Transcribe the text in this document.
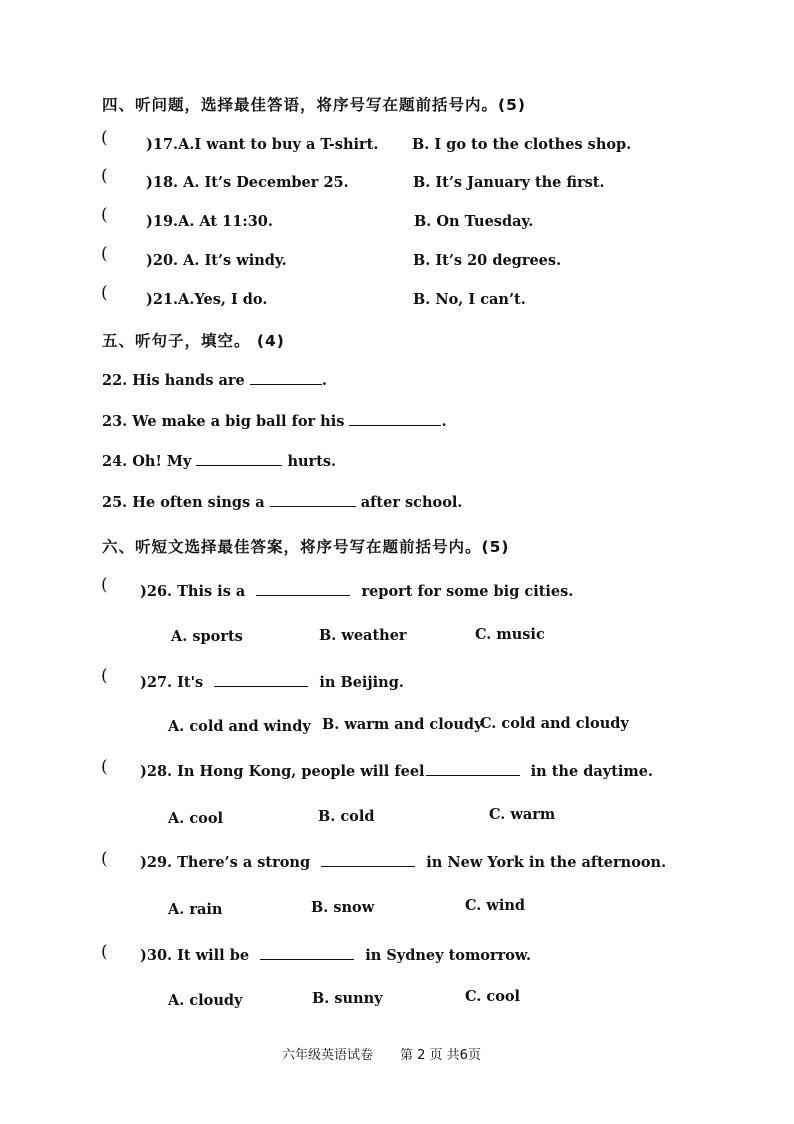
四、听问题，选择最佳答语，将序号写在题前括号内。(5)
(	)17.A.I want to buy a T-shirt. B. I go to the clothes shop.
(	)18. A. It’s December 25.	B. It’s January the first.
(	)19.A. At 11:30.	B. On Tuesday.
(	)20. A. It’s windy.	B. It’s 20 degrees.
(	)21.A.Yes, I do.	B. No, I can’t.
五、听句子，填空。 (4)
22. His hands are	.
23. We make a big ball for his	.
24. Oh! My	hurts.
25. He often sings a	after school.
六、听短文选择最佳答案，将序号写在题前括号内。(5)
( )26. This is a	report for some big cities.
A. sports	B. weather	C. music
( )27. It's	in Beijing.
A. cold and windy B. warm and cloudy
C. cold and cloudy
( )28. In Hong Kong, people will feel	in the daytime.
A. cool	B. cold	C. warm
( )29. There’s a strong	in New York in the afternoon.
A. rain	B. snow	C. wind
( )30. It will be	in Sydney tomorrow.
A. cloudy	B. sunny	C. cool
六年级英语试卷 第 2 页 共6页
